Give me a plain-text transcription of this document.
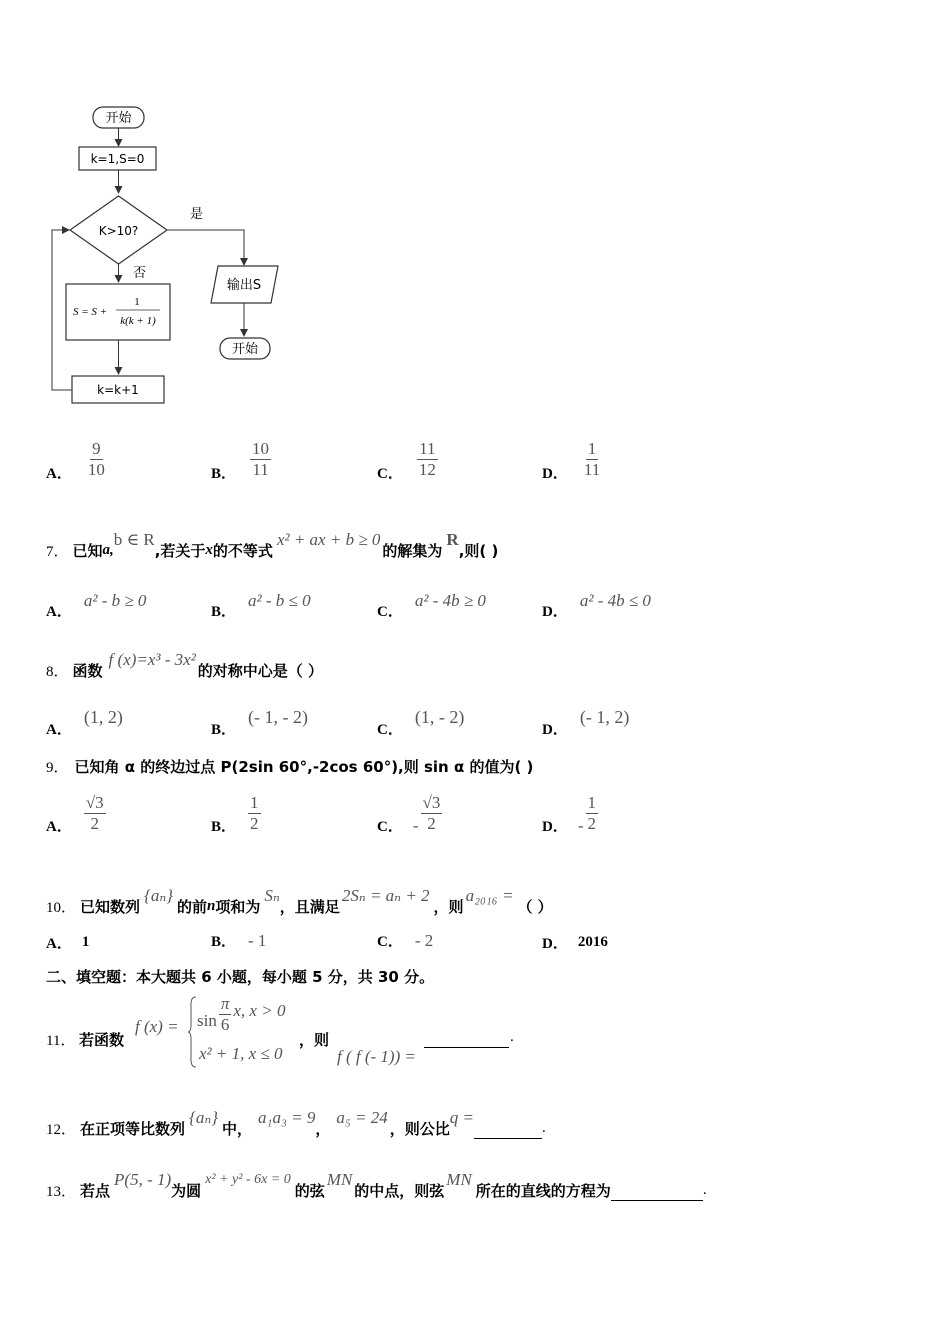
开始
k=1,S=0
K>10?
是
输出S
开始
否
S = S +
1
k(k + 1)
k=k+1
A． $\frac{9}{10}$	B． $\frac{10}{11}$	C． $\frac{11}{12}$	D． $\frac{1}{11}$
7． 已知 a,
b ∈ R
,若关于 x 的不等式
x² + ax + b ≥ 0
的解集为
R
,则( )
A．
a² - b ≥ 0
B．
a² - b ≤ 0
C．
a² - 4b ≥ 0
D．
a² - 4b ≤ 0
8． 函数
f (x)=x³ - 3x²
的对称中心是（ ）
A．
(1, 2)
B．
(- 1, - 2)
C．
(1, - 2)
D．
(- 1, 2)
9． 已知角 α 的终边过点 P(2sin 60°,-2cos 60°),则 sin α 的值为( )
A． $\frac{√3}{2}$	B． $\frac{1}{2}$	C． - $\frac{√3}{2}$	D． - $\frac{1}{2}$
10． 已知数列
{aₙ}
的前 n 项和为
Sₙ
，且满足
2Sₙ = aₙ + 2
，则
a₂₀₁₆ =
（ ）
A． 1	B． - 1	C． - 2	D． 2016
二、填空题：本大题共 6 小题，每小题 5 分，共 30 分。
11． 若函数
f $(x) = \sin \frac{\pi}{6} x$, x > 0
x² + 1, x ≤ 0
，则
f ( f (- 1)) =
.
12． 在正项等比数列
{aₙ}
中，
a₁a₃ = 9
，
a₅ = 24
，则公比
q =
.
13． 若点
P(5, - 1)
为圆
x² + y² - 6x = 0
的弦
MN
的中点，则弦
MN
所在的直线的方程为	.
